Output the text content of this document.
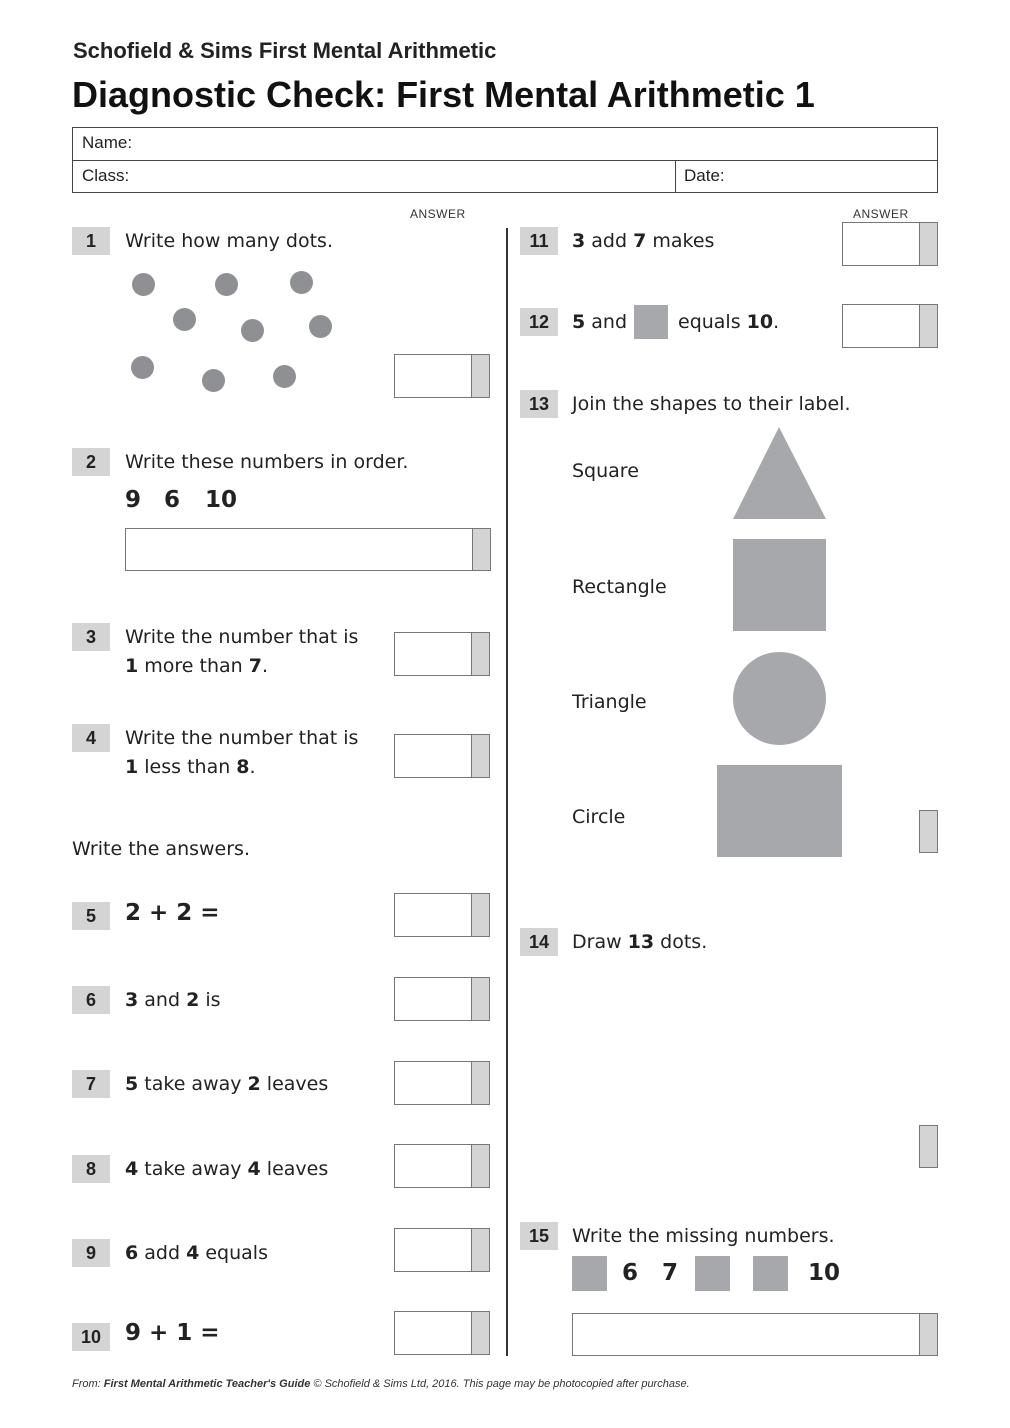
Schofield & Sims First Mental Arithmetic
Diagnostic Check: First Mental Arithmetic 1
Name:
Class:	Date:
ANSWER	ANSWER
1	Write how many dots.
2	Write these numbers in order.
9 6 10
3	Write the number that is
1 more than 7.
4	Write the number that is
1 less than 8.
Write the answers.
5	2 + 2 =
6	3 and 2 is
7	5 take away 2 leaves
8	4 take away 4 leaves
9	6 add 4 equals
10	9 + 1 =
11	3 add 7 makes
12	5 and	equals 10.
13	Join the shapes to their label.
Square
Rectangle
Triangle
Circle
14	Draw 13 dots.
15	Write the missing numbers.
6 7	10
From: First Mental Arithmetic Teacher's Guide © Schofield & Sims Ltd, 2016. This page may be photocopied after purchase.
